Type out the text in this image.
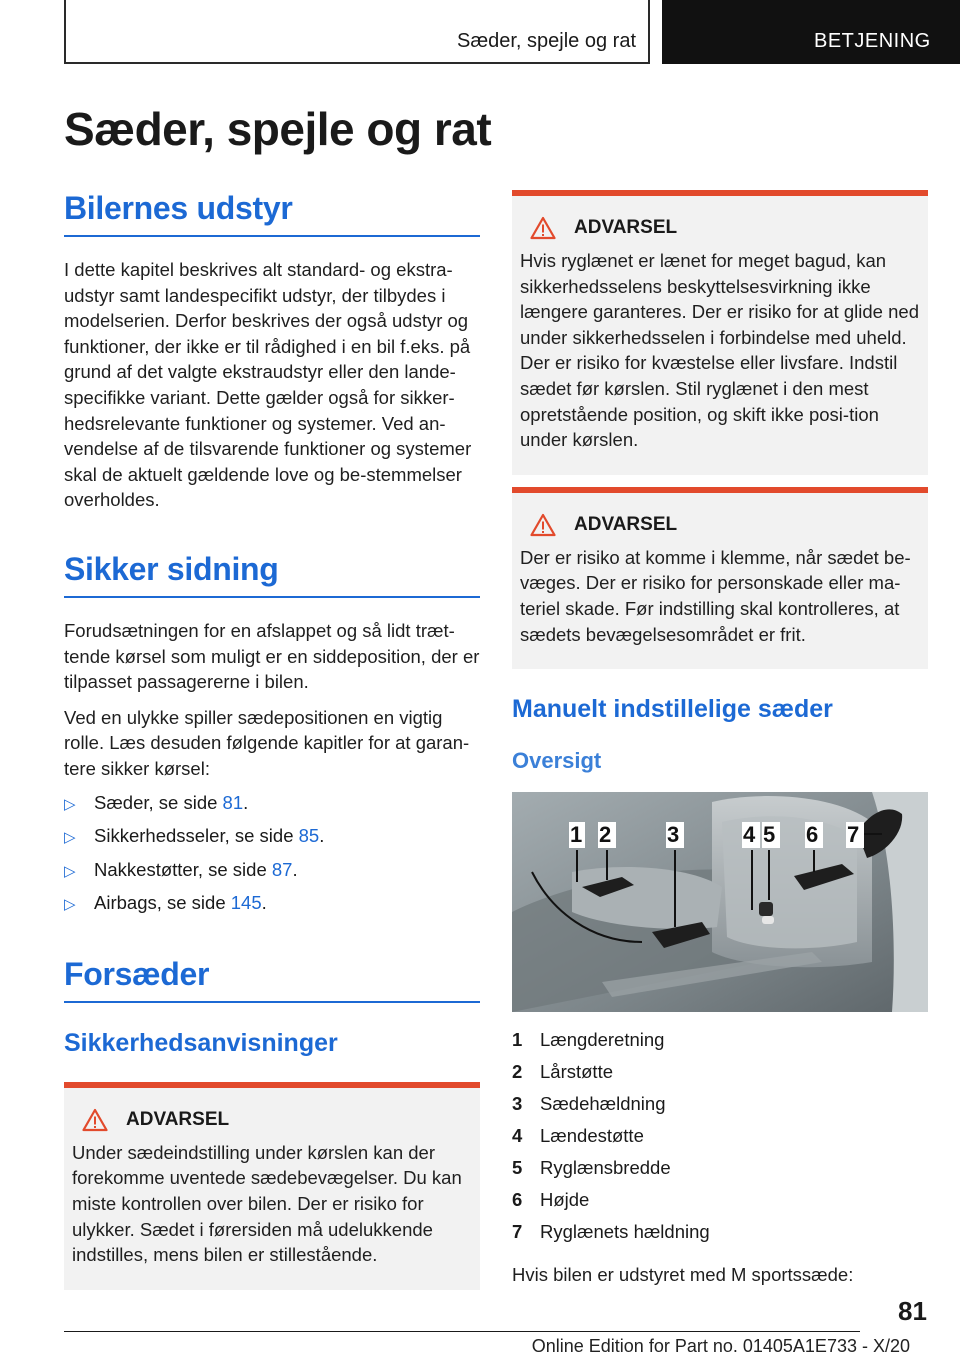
Sæder, spejle og rat	BETJENING
Sæder, spejle og rat
Bilernes udstyr

I dette kapitel beskrives alt standard- og ekstra-udstyr samt landespecifikt udstyr, der tilbydes i modelserien. Derfor beskrives der også udstyr og funktioner, der ikke er til rådighed i en bil f.eks. på grund af det valgte ekstraudstyr eller den lande-specifikke variant. Dette gælder også for sikker-hedsrelevante funktioner og systemer. Ved an-vendelse af de tilsvarende funktioner og systemer skal de aktuelt gældende love og be-stemmelser overholdes.

Sikker sidning

Forudsætningen for en afslappet og så lidt træt-tende kørsel som muligt er en siddeposition, der er tilpasset passagererne i bilen.

Ved en ulykke spiller sædepositionen en vigtig rolle. Læs desuden følgende kapitler for at garan-tere sikker kørsel:

▷ Sæder, se side 81.
▷ Sikkerhedsseler, se side 85.
▷ Nakkestøtter, se side 87.
▷ Airbags, se side 145.
Forsæder
Sikkerhedsanvisninger
ADVARSEL

Under sædeindstilling under kørslen kan der forekomme uventede sædebevægelser. Du kan miste kontrollen over bilen. Der er risiko for ulykker. Sædet i førersiden må udelukkende indstilles, mens bilen er stillestående.

ADVARSEL

Hvis ryglænet er lænet for meget bagud, kan sikkerhedsselens beskyttelsesvirkning ikke længere garanteres. Der er risiko for at glide ned under sikkerhedsselen i forbindelse med uheld. Der er risiko for kvæstelse eller livsfare. Indstil sædet før kørslen. Stil ryglænet i den mest opretstående position, og skift ikke posi-tion under kørslen.

ADVARSEL

Der er risiko at komme i klemme, når sædet be-væges. Der er risiko for personskade eller ma-teriel skade. Før indstilling skal kontrolleres, at sædets bevægelsesområdet er frit.

Manuelt indstillelige sæder
Oversigt
1 2	3	4 5 6 7
1 Længderetning
2 Lårstøtte
3 Sædehældning
4 Lændestøtte
5 Ryglænsbredde
6 Højde
7 Ryglænets hældning

Hvis bilen er udstyret med M sportssæde:

81
Online Edition for Part no. 01405A1E733 - X/20
